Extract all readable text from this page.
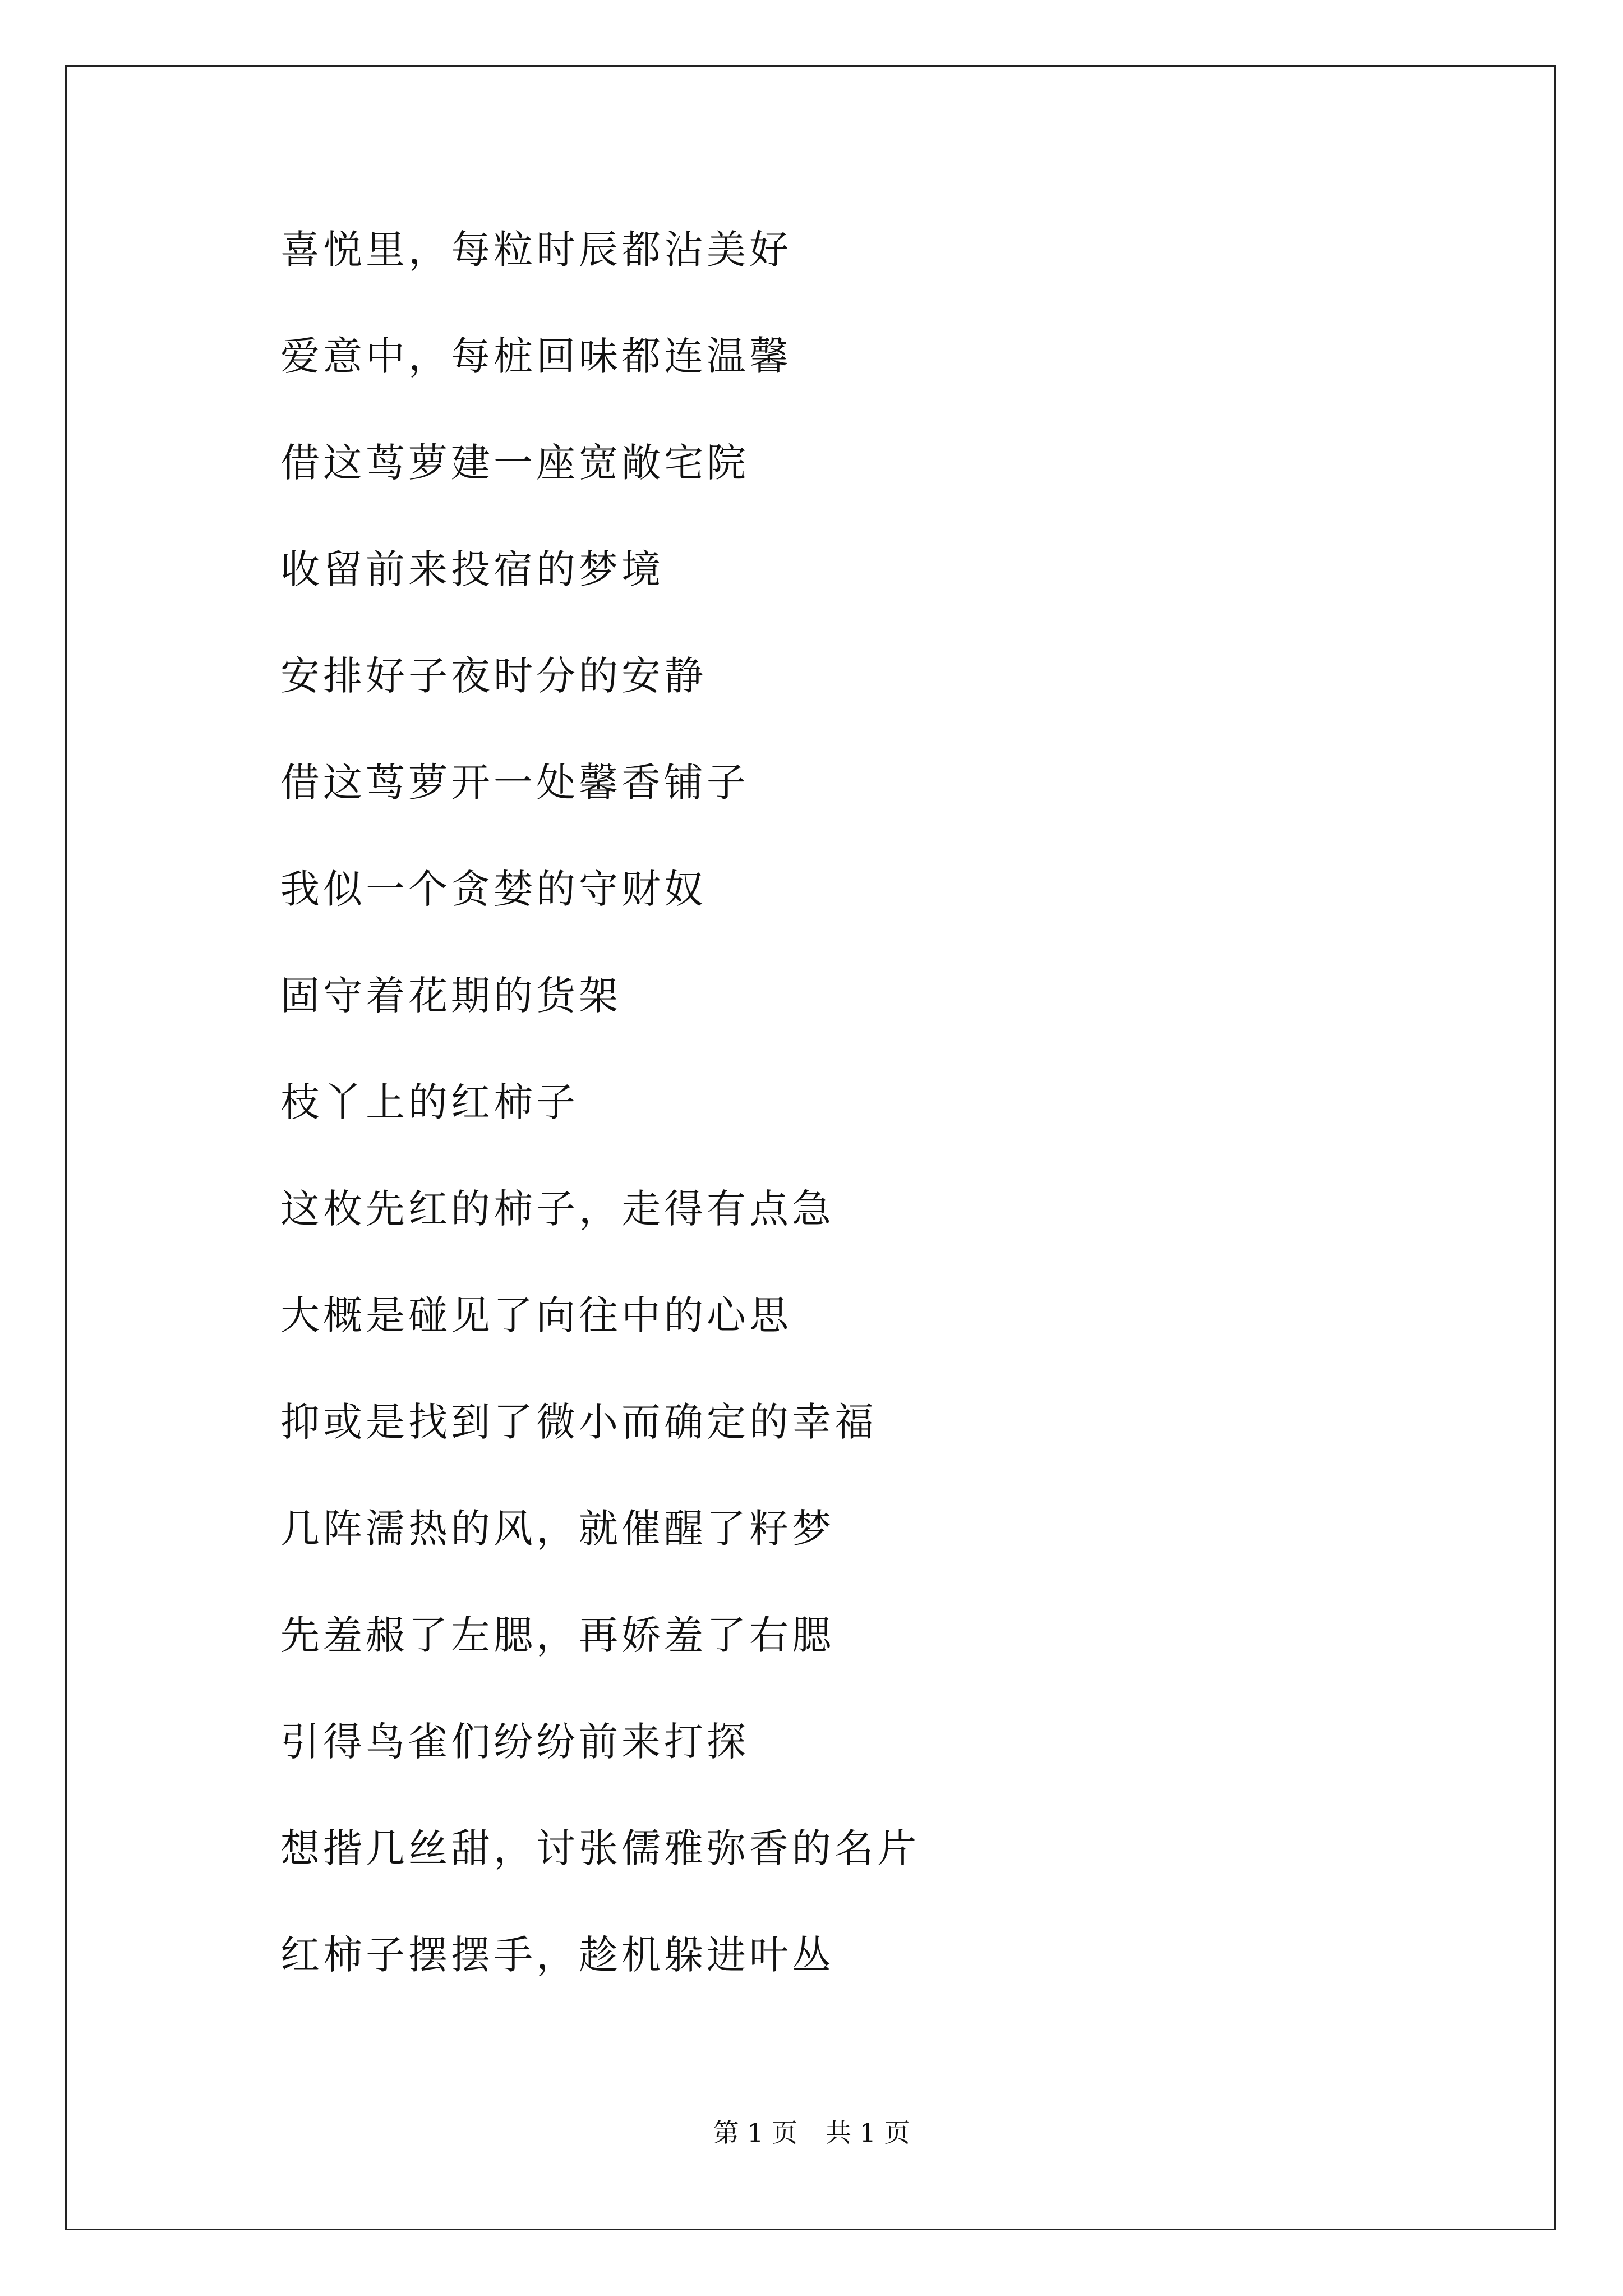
喜悦里，每粒时辰都沾美好
爱意中，每桩回味都连温馨
借这茑萝建一座宽敞宅院
收留前来投宿的梦境
安排好子夜时分的安静
借这茑萝开一处馨香铺子
我似一个贪婪的守财奴
固守着花期的货架
枝丫上的红柿子
这枚先红的柿子，走得有点急
大概是碰见了向往中的心思
抑或是找到了微小而确定的幸福
几阵濡热的风，就催醒了籽梦
先羞赧了左腮，再娇羞了右腮
引得鸟雀们纷纷前来打探
想揩几丝甜，讨张儒雅弥香的名片
红柿子摆摆手，趁机躲进叶丛
第 1 页 共 1 页
